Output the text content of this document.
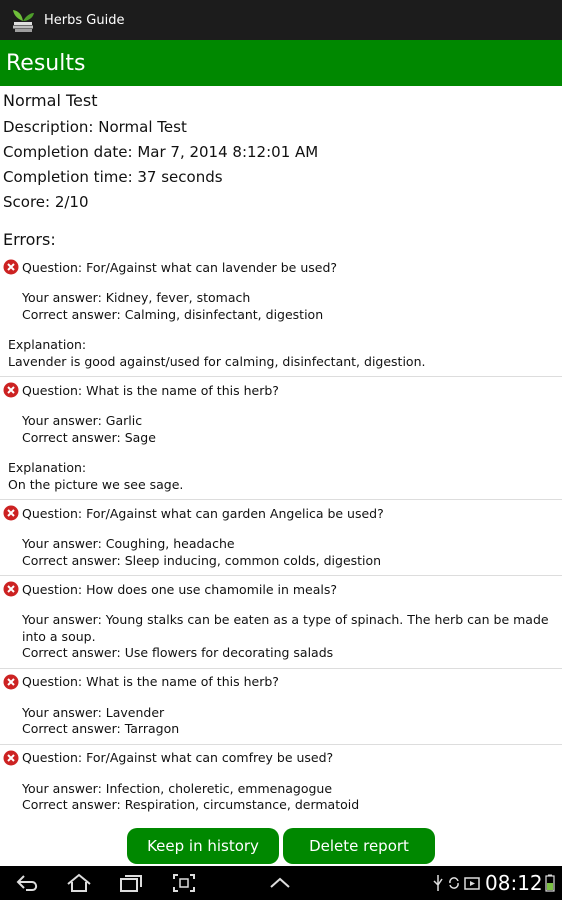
Herbs Guide
Results
Normal Test
Description: Normal Test
Completion date: Mar 7, 2014 8:12:01 AM
Completion time: 37 seconds
Score: 2/10
Errors:
Question: For/Against what can lavender be used?
Your answer: Kidney, fever, stomach
Correct answer: Calming, disinfectant, digestion
Explanation:
Lavender is good against/used for calming, disinfectant, digestion.
Question: What is the name of this herb?
Your answer: Garlic
Correct answer: Sage
Explanation:
On the picture we see sage.
Question: For/Against what can garden Angelica be used?
Your answer: Coughing, headache
Correct answer: Sleep inducing, common colds, digestion
Question: How does one use chamomile in meals?
Your answer: Young stalks can be eaten as a type of spinach. The herb can be made into a soup.
Correct answer: Use flowers for decorating salads
Question: What is the name of this herb?
Your answer: Lavender
Correct answer: Tarragon
Question: For/Against what can comfrey be used?
Your answer: Infection, choleretic, emmenagogue
Correct answer: Respiration, circumstance, dermatoid
Keep in history	Delete report
08:12
